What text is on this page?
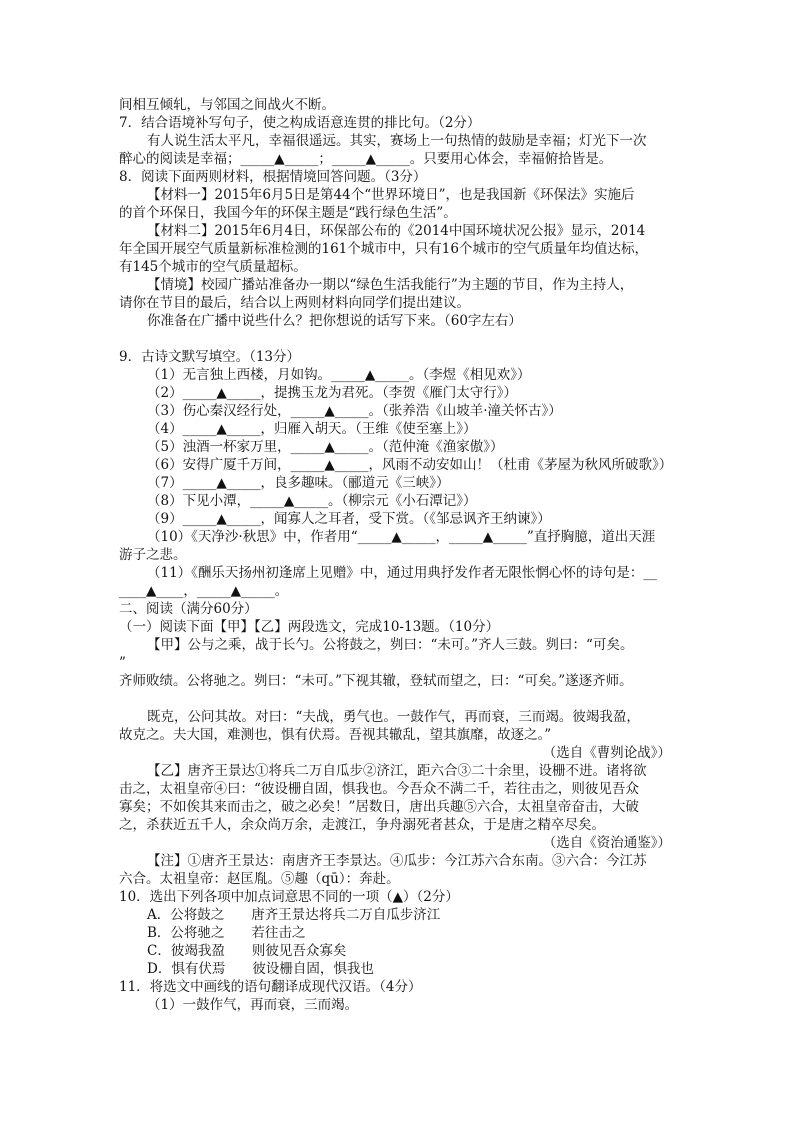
间相互倾轧，与邻国之间战火不断。
7．结合语境补写句子，使之构成语意连贯的排比句。（2分）
有人说生活太平凡，幸福很遥远。其实，赛场上一句热情的鼓励是幸福；灯光下一次
醉心的阅读是幸福；_____▲_____；_____▲_____。只要用心体会，幸福俯拾皆是。
8．阅读下面两则材料，根据情境回答问题。（3分）
【材料一】2015年6月5日是第44个“世界环境日”，也是我国新《环保法》实施后
的首个环保日，我国今年的环保主题是“践行绿色生活”。
【材料二】2015年6月4日，环保部公布的《2014中国环境状况公报》显示，2014
年全国开展空气质量新标准检测的161个城市中，只有16个城市的空气质量年均值达标，
有145个城市的空气质量超标。
【情境】校园广播站准备办一期以“绿色生活我能行”为主题的节目，作为主持人，
请你在节目的最后，结合以上两则材料向同学们提出建议。
你准备在广播中说些什么？把你想说的话写下来。（60字左右）
9．古诗文默写填空。（13分）
（1）无言独上西楼，月如钩。_____▲_____。（李煜《相见欢》）
（2）_____▲_____，提携玉龙为君死。（李贺《雁门太守行》）
（3）伤心秦汉经行处，_____▲_____。（张养浩《山坡羊·潼关怀古》）
（4）_____▲_____，归雁入胡天。（王维《使至塞上》）
（5）浊酒一杯家万里，_____▲_____。（范仲淹《渔家傲》）
（6）安得广厦千万间，_____▲_____，风雨不动安如山！（杜甫《茅屋为秋风所破歌》）
（7）_____▲_____，良多趣味。（郦道元《三峡》）
（8）下见小潭，_____▲_____。（柳宗元《小石潭记》）
（9）_____▲_____，闻寡人之耳者，受下赏。（《邹忌讽齐王纳谏》）
（10）《天净沙·秋思》中，作者用“_____▲_____，_____▲_____”直抒胸臆，道出天涯
游子之悲。
（11）《酬乐天扬州初逢席上见赠》中，通过用典抒发作者无限怅惘心怀的诗句是：__
____▲____，_____▲_____。
二、阅读（满分60分）
（一）阅读下面【甲】【乙】两段选文，完成10-13题。（10分）
【甲】公与之乘，战于长勺。公将鼓之，刿曰：“未可。”齐人三鼓。刿曰：“可矣。
”
齐师败绩。公将驰之。刿曰：“未可。”下视其辙，登轼而望之，曰：“可矣。”遂逐齐师。
既克，公问其故。对曰：“夫战，勇气也。一鼓作气，再而衰，三而竭。彼竭我盈，
故克之。夫大国，难测也，惧有伏焉。吾视其辙乱，望其旗靡，故逐之。”
（选自《曹刿论战》）
【乙】唐齐王景达①将兵二万自瓜步②济江，距六合③二十余里，设栅不进。诸将欲
击之，太祖皇帝④曰：“彼设栅自固，惧我也。今吾众不满二千，若往击之，则彼见吾众
寡矣；不如俟其来而击之，破之必矣！”居数日，唐出兵趣⑤六合，太祖皇帝奋击，大破
之，杀获近五千人，余众尚万余，走渡江，争舟溺死者甚众，于是唐之精卒尽矣。
（选自《资治通鉴》）
【注】①唐齐王景达：南唐齐王李景达。④瓜步：今江苏六合东南。③六合：今江苏
六合。太祖皇帝：赵匡胤。⑤趣（qū）：奔赴。
10．选出下列各项中加点词意思不同的一项（▲）（2分）
A．公将鼓之　　唐齐王景达将兵二万自瓜步济江
B．公将驰之　　若往击之
C．彼竭我盈　　则彼见吾众寡矣
D．惧有伏焉　　彼设栅自固，惧我也
11．将选文中画线的语句翻译成现代汉语。（4分）
（1）一鼓作气，再而衰，三而竭。
